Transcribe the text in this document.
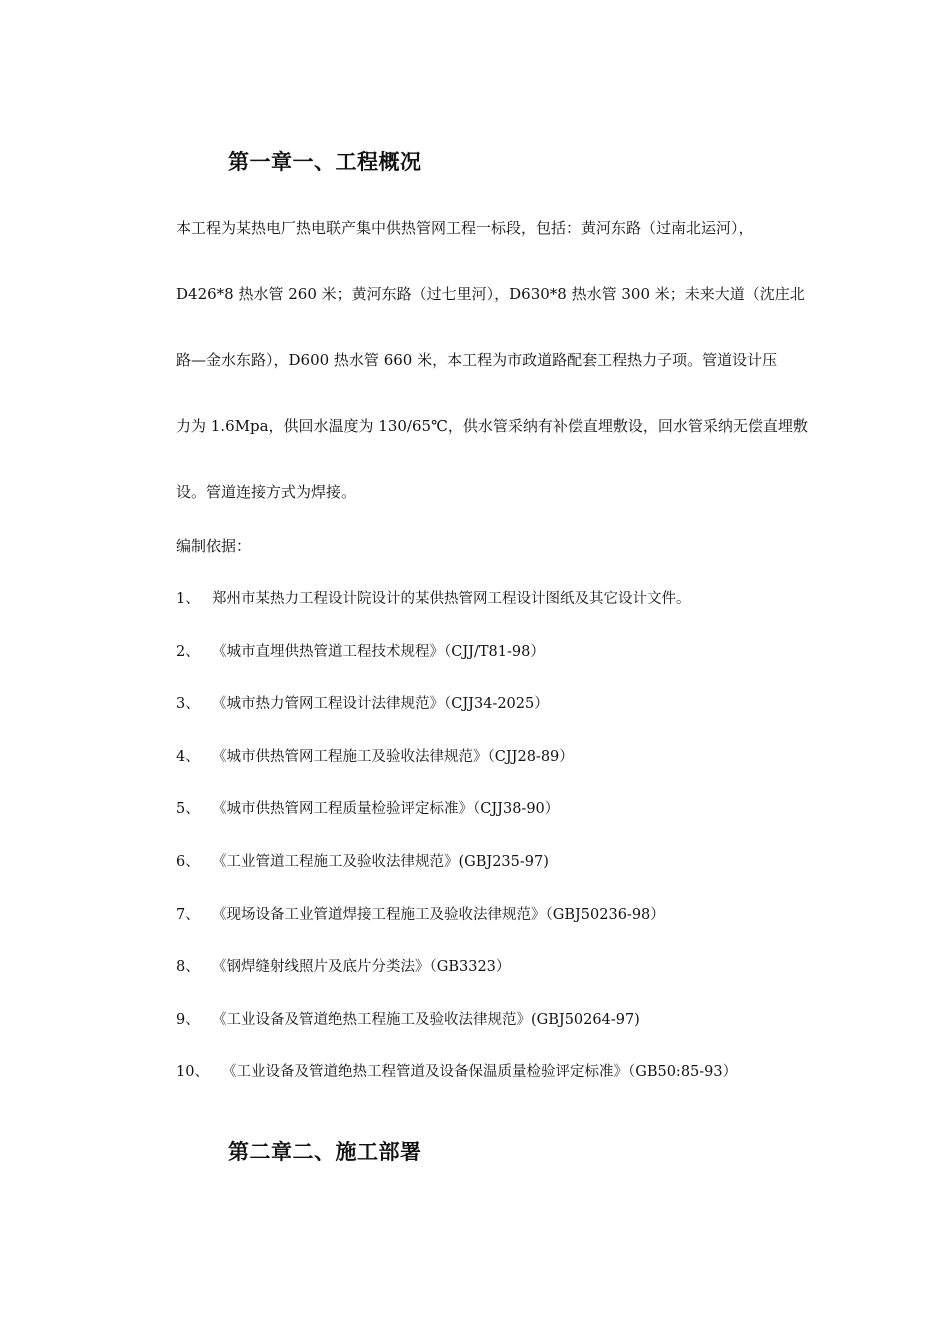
第一章一、工程概况

本工程为某热电厂热电联产集中供热管网工程一标段，包括：黄河东路（过南北运河），

D426*8 热水管 260 米；黄河东路（过七里河），D630*8 热水管 300 米；未来大道（沈庄北

路—金水东路），D600 热水管 660 米，本工程为市政道路配套工程热力子项。管道设计压

力为 1.6Mpa，供回水温度为 130/65℃，供水管采纳有补偿直埋敷设，回水管采纳无偿直埋敷

设。管道连接方式为焊接。

编制依据：

1、 郑州市某热力工程设计院设计的某供热管网工程设计图纸及其它设计文件。
2、 《城市直埋供热管道工程技术规程》（CJJ/T81-98）
3、 《城市热力管网工程设计法律规范》（CJJ34-2025）
4、 《城市供热管网工程施工及验收法律规范》（CJJ28-89）
5、 《城市供热管网工程质量检验评定标准》（CJJ38-90）
6、 《工业管道工程施工及验收法律规范》(GBJ235-97)
7、 《现场设备工业管道焊接工程施工及验收法律规范》（GBJ50236-98）
8、 《钢焊缝射线照片及底片分类法》（GB3323）
9、 《工业设备及管道绝热工程施工及验收法律规范》(GBJ50264-97)
10、 《工业设备及管道绝热工程管道及设备保温质量检验评定标准》（GB50:85-93）
第二章二、施工部署
